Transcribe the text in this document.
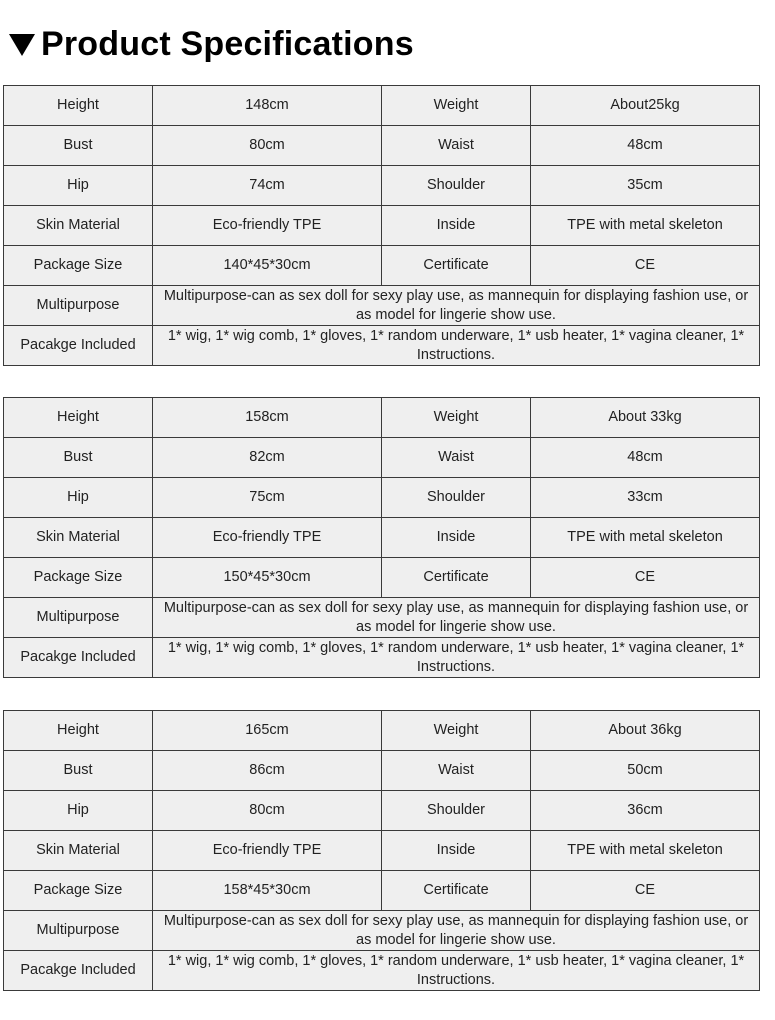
Product Specifications
Height	148cm	Weight	About25kg
Bust	80cm	Waist	48cm
Hip	74cm	Shoulder	35cm
Skin Material	Eco-friendly TPE	Inside	TPE with metal skeleton
Package Size	140*45*30cm	Certificate	CE
Multipurpose	Multipurpose-can as sex doll for sexy play use, as mannequin for displaying fashion use, or as model for lingerie show use.		
Pacakge Included	1* wig, 1* wig comb, 1* gloves, 1* random underware, 1* usb heater, 1* vagina cleaner, 1* Instructions.		
Height	158cm	Weight	About 33kg
Bust	82cm	Waist	48cm
Hip	75cm	Shoulder	33cm
Skin Material	Eco-friendly TPE	Inside	TPE with metal skeleton
Package Size	150*45*30cm	Certificate	CE
Multipurpose	Multipurpose-can as sex doll for sexy play use, as mannequin for displaying fashion use, or as model for lingerie show use.		
Pacakge Included	1* wig, 1* wig comb, 1* gloves, 1* random underware, 1* usb heater, 1* vagina cleaner, 1* Instructions.		
Height	165cm	Weight	About 36kg
Bust	86cm	Waist	50cm
Hip	80cm	Shoulder	36cm
Skin Material	Eco-friendly TPE	Inside	TPE with metal skeleton
Package Size	158*45*30cm	Certificate	CE
Multipurpose	Multipurpose-can as sex doll for sexy play use, as mannequin for displaying fashion use, or as model for lingerie show use.		
Pacakge Included	1* wig, 1* wig comb, 1* gloves, 1* random underware, 1* usb heater, 1* vagina cleaner, 1* Instructions.		
